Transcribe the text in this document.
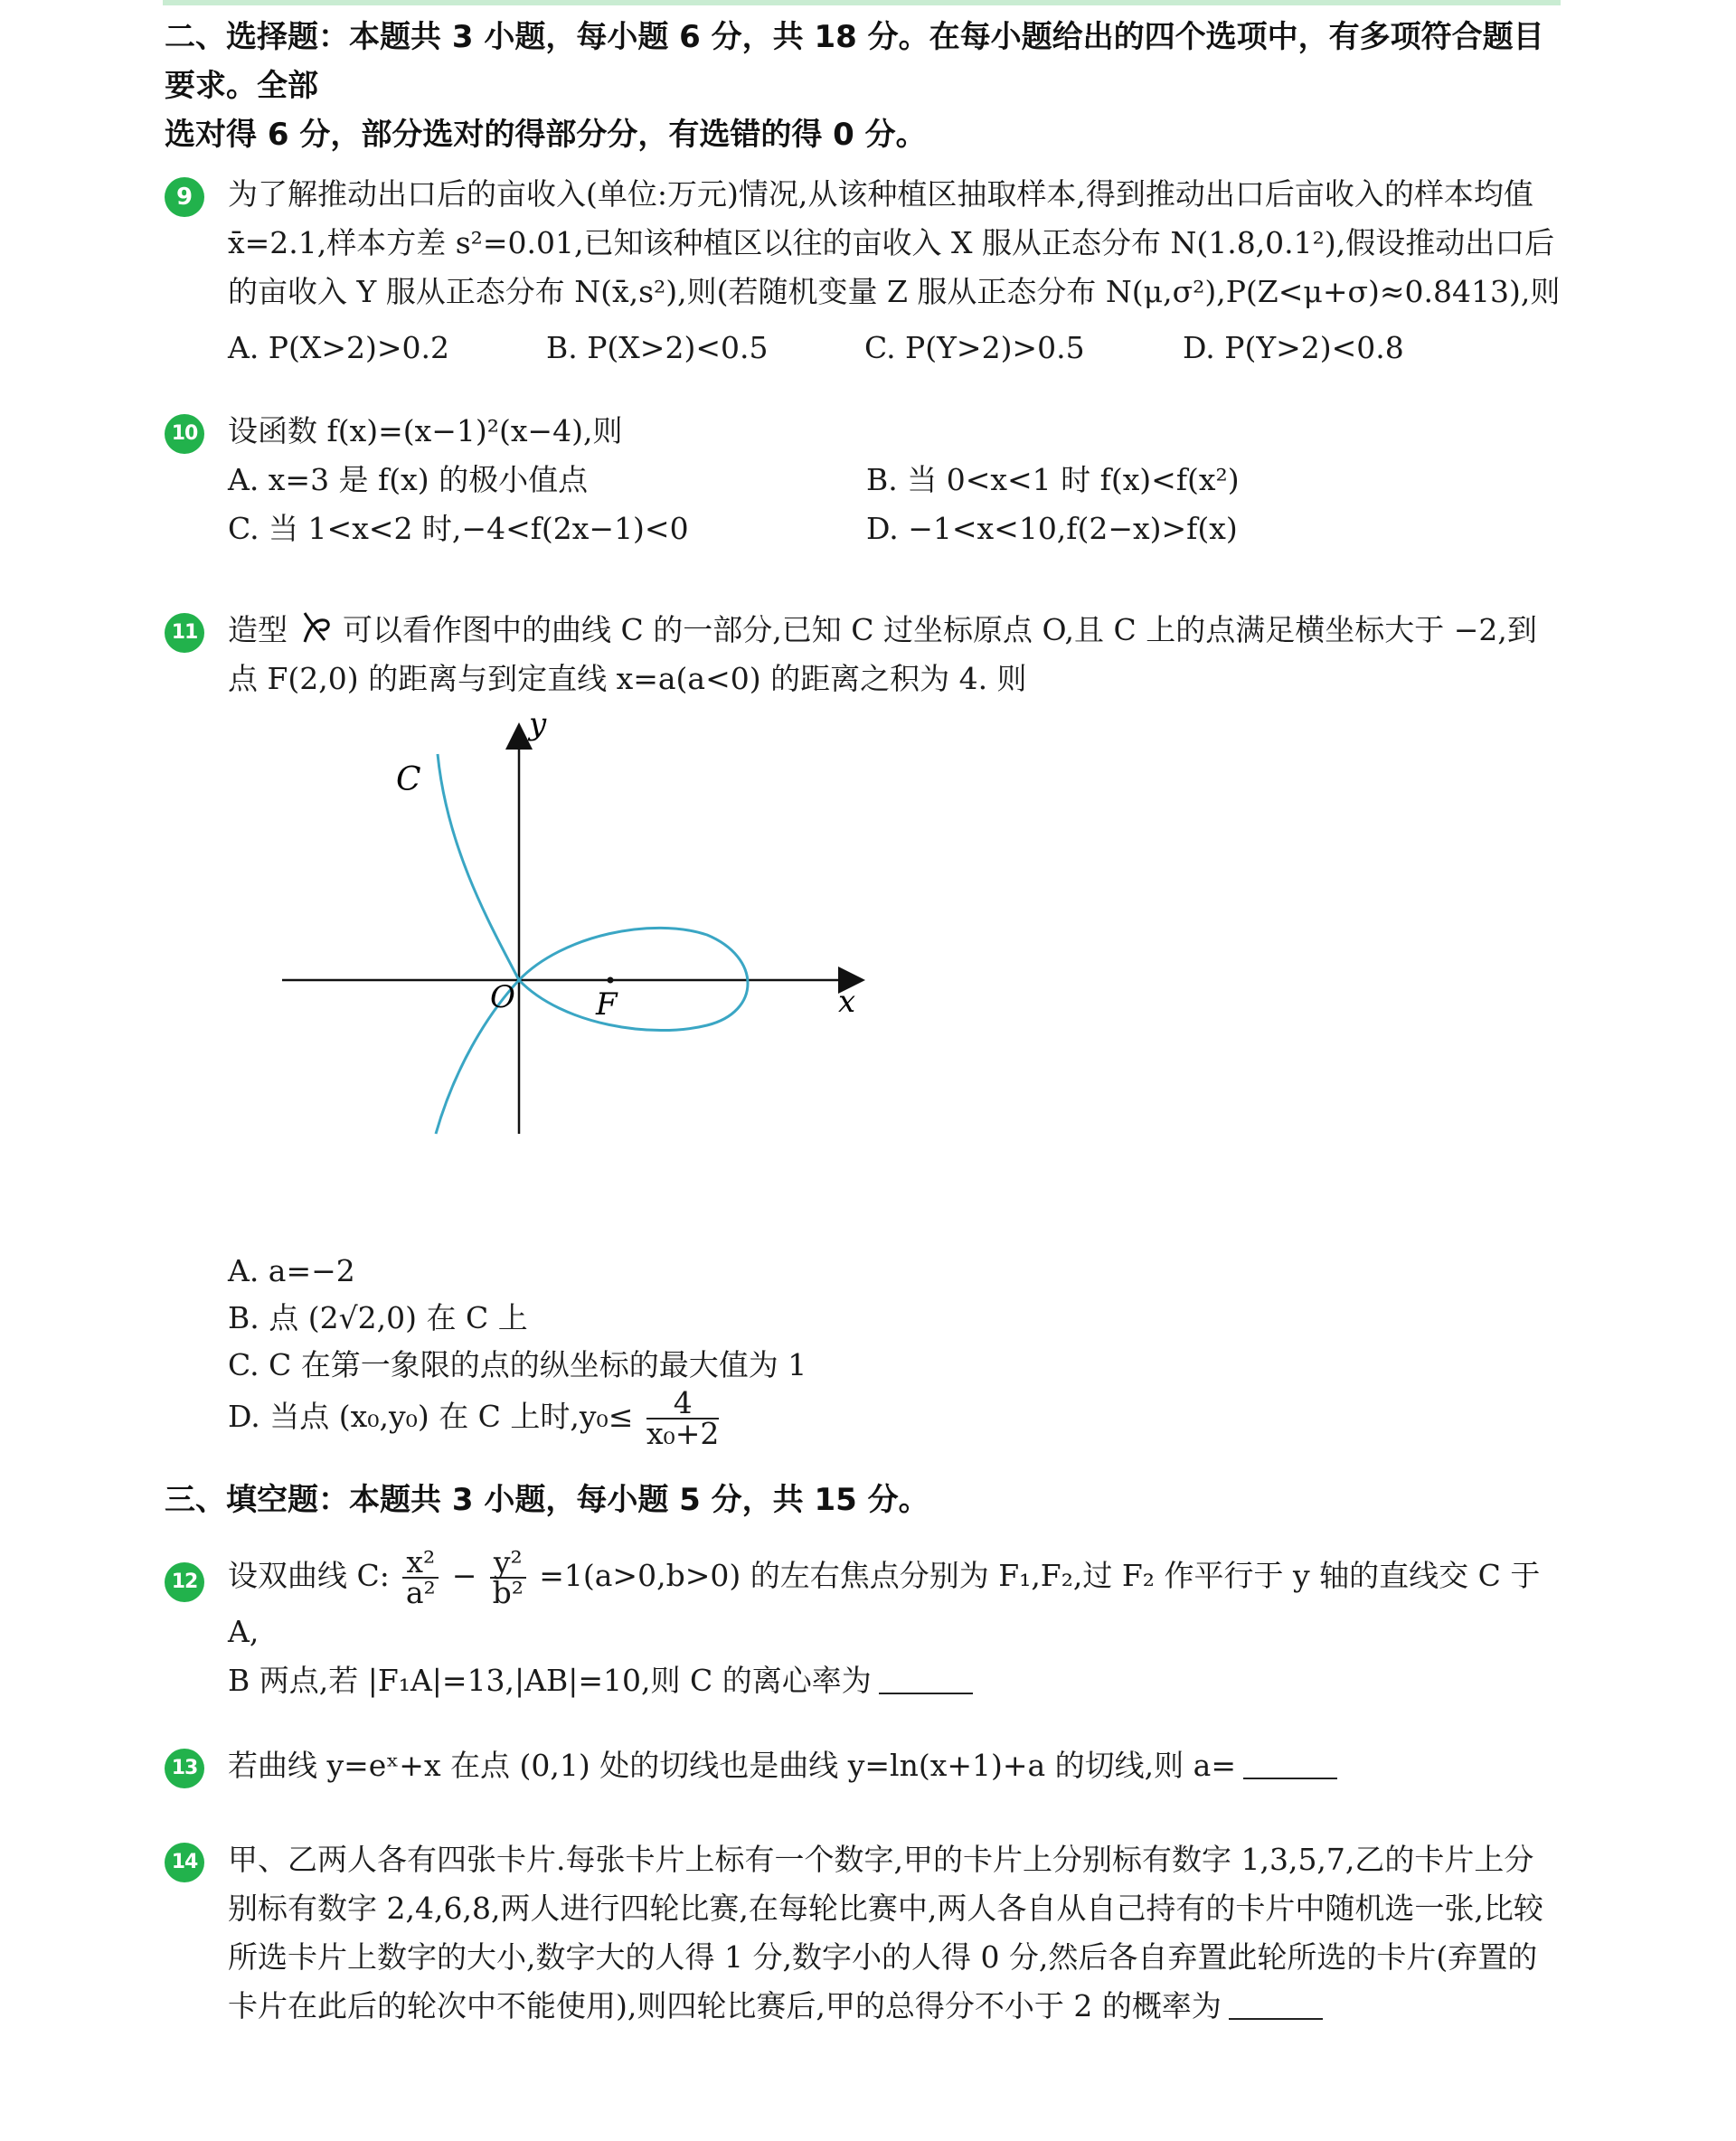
二、选择题：本题共 3 小题，每小题 6 分，共 18 分。在每小题给出的四个选项中，有多项符合题目要求。全部
选对得 6 分，部分选对的得部分分，有选错的得 0 分。
9	为了解推动出口后的亩收入(单位:万元)情况,从该种植区抽取样本,得到推动出口后亩收入的样本均值 x̄=2.1,样本方差 s²=0.01,已知该种植区以往的亩收入 X 服从正态分布 N(1.8,0.1²),假设推动出口后的亩收入 Y 服从正态分布 N(x̄,s²),则(若随机变量 Z 服从正态分布 N(μ,σ²),P(Z<μ+σ)≈0.8413),则
A. P(X>2)>0.2	B. P(X>2)<0.5	C. P(Y>2)>0.5	D. P(Y>2)<0.8
10 设函数 f(x)=(x−1)²(x−4),则
A. x=3 是 f(x) 的极小值点	B. 当 0<x<1 时 f(x)<f(x²)
C. 当 1<x<2 时,−4<f(2x−1)<0	D. −1<x<10,f(2−x)>f(x)
11 造型 可以看作图中的曲线 C 的一部分,已知 C 过坐标原点 O,且 C 上的点满足横坐标大于 −2,到点 F(2,0) 的距离与到定直线 x=a(a<0) 的距离之积为 4. 则
y
x
O	F
C
A. a=−2
B. 点 (2√2,0) 在 C 上
C. C 在第一象限的点的纵坐标的最大值为 1
D. 当点 (x₀,y₀) 在 C 上时$,y_0\le \frac{4}{\text{x₀+2}}$
三、填空题：本题共 3 小题，每小题 5 分，共 15 分。
12 设双曲线 C: $\frac{\text{x²}}{\text{a²}} - \frac{\text{y²}}{\text{b²}} =1(a>0,b>0)$ 的左右焦点分别为 F₁,F₂,过 F₂ 作平行于 y 轴的直线交 C 于 A,
B 两点,若 |F₁A|=13,|AB|=10,则 C 的离心率为
13 若曲线 y=eˣ+x 在点 (0,1) 处的切线也是曲线 y=ln(x+1)+a 的切线,则 a=
14 甲、乙两人各有四张卡片.每张卡片上标有一个数字,甲的卡片上分别标有数字 1,3,5,7,乙的卡片上分别标有数字 2,4,6,8,两人进行四轮比赛,在每轮比赛中,两人各自从自己持有的卡片中随机选一张,比较所选卡片上数字的大小,数字大的人得 1 分,数字小的人得 0 分,然后各自弃置此轮所选的卡片(弃置的卡片在此后的轮次中不能使用),则四轮比赛后,甲的总得分不小于 2 的概率为
